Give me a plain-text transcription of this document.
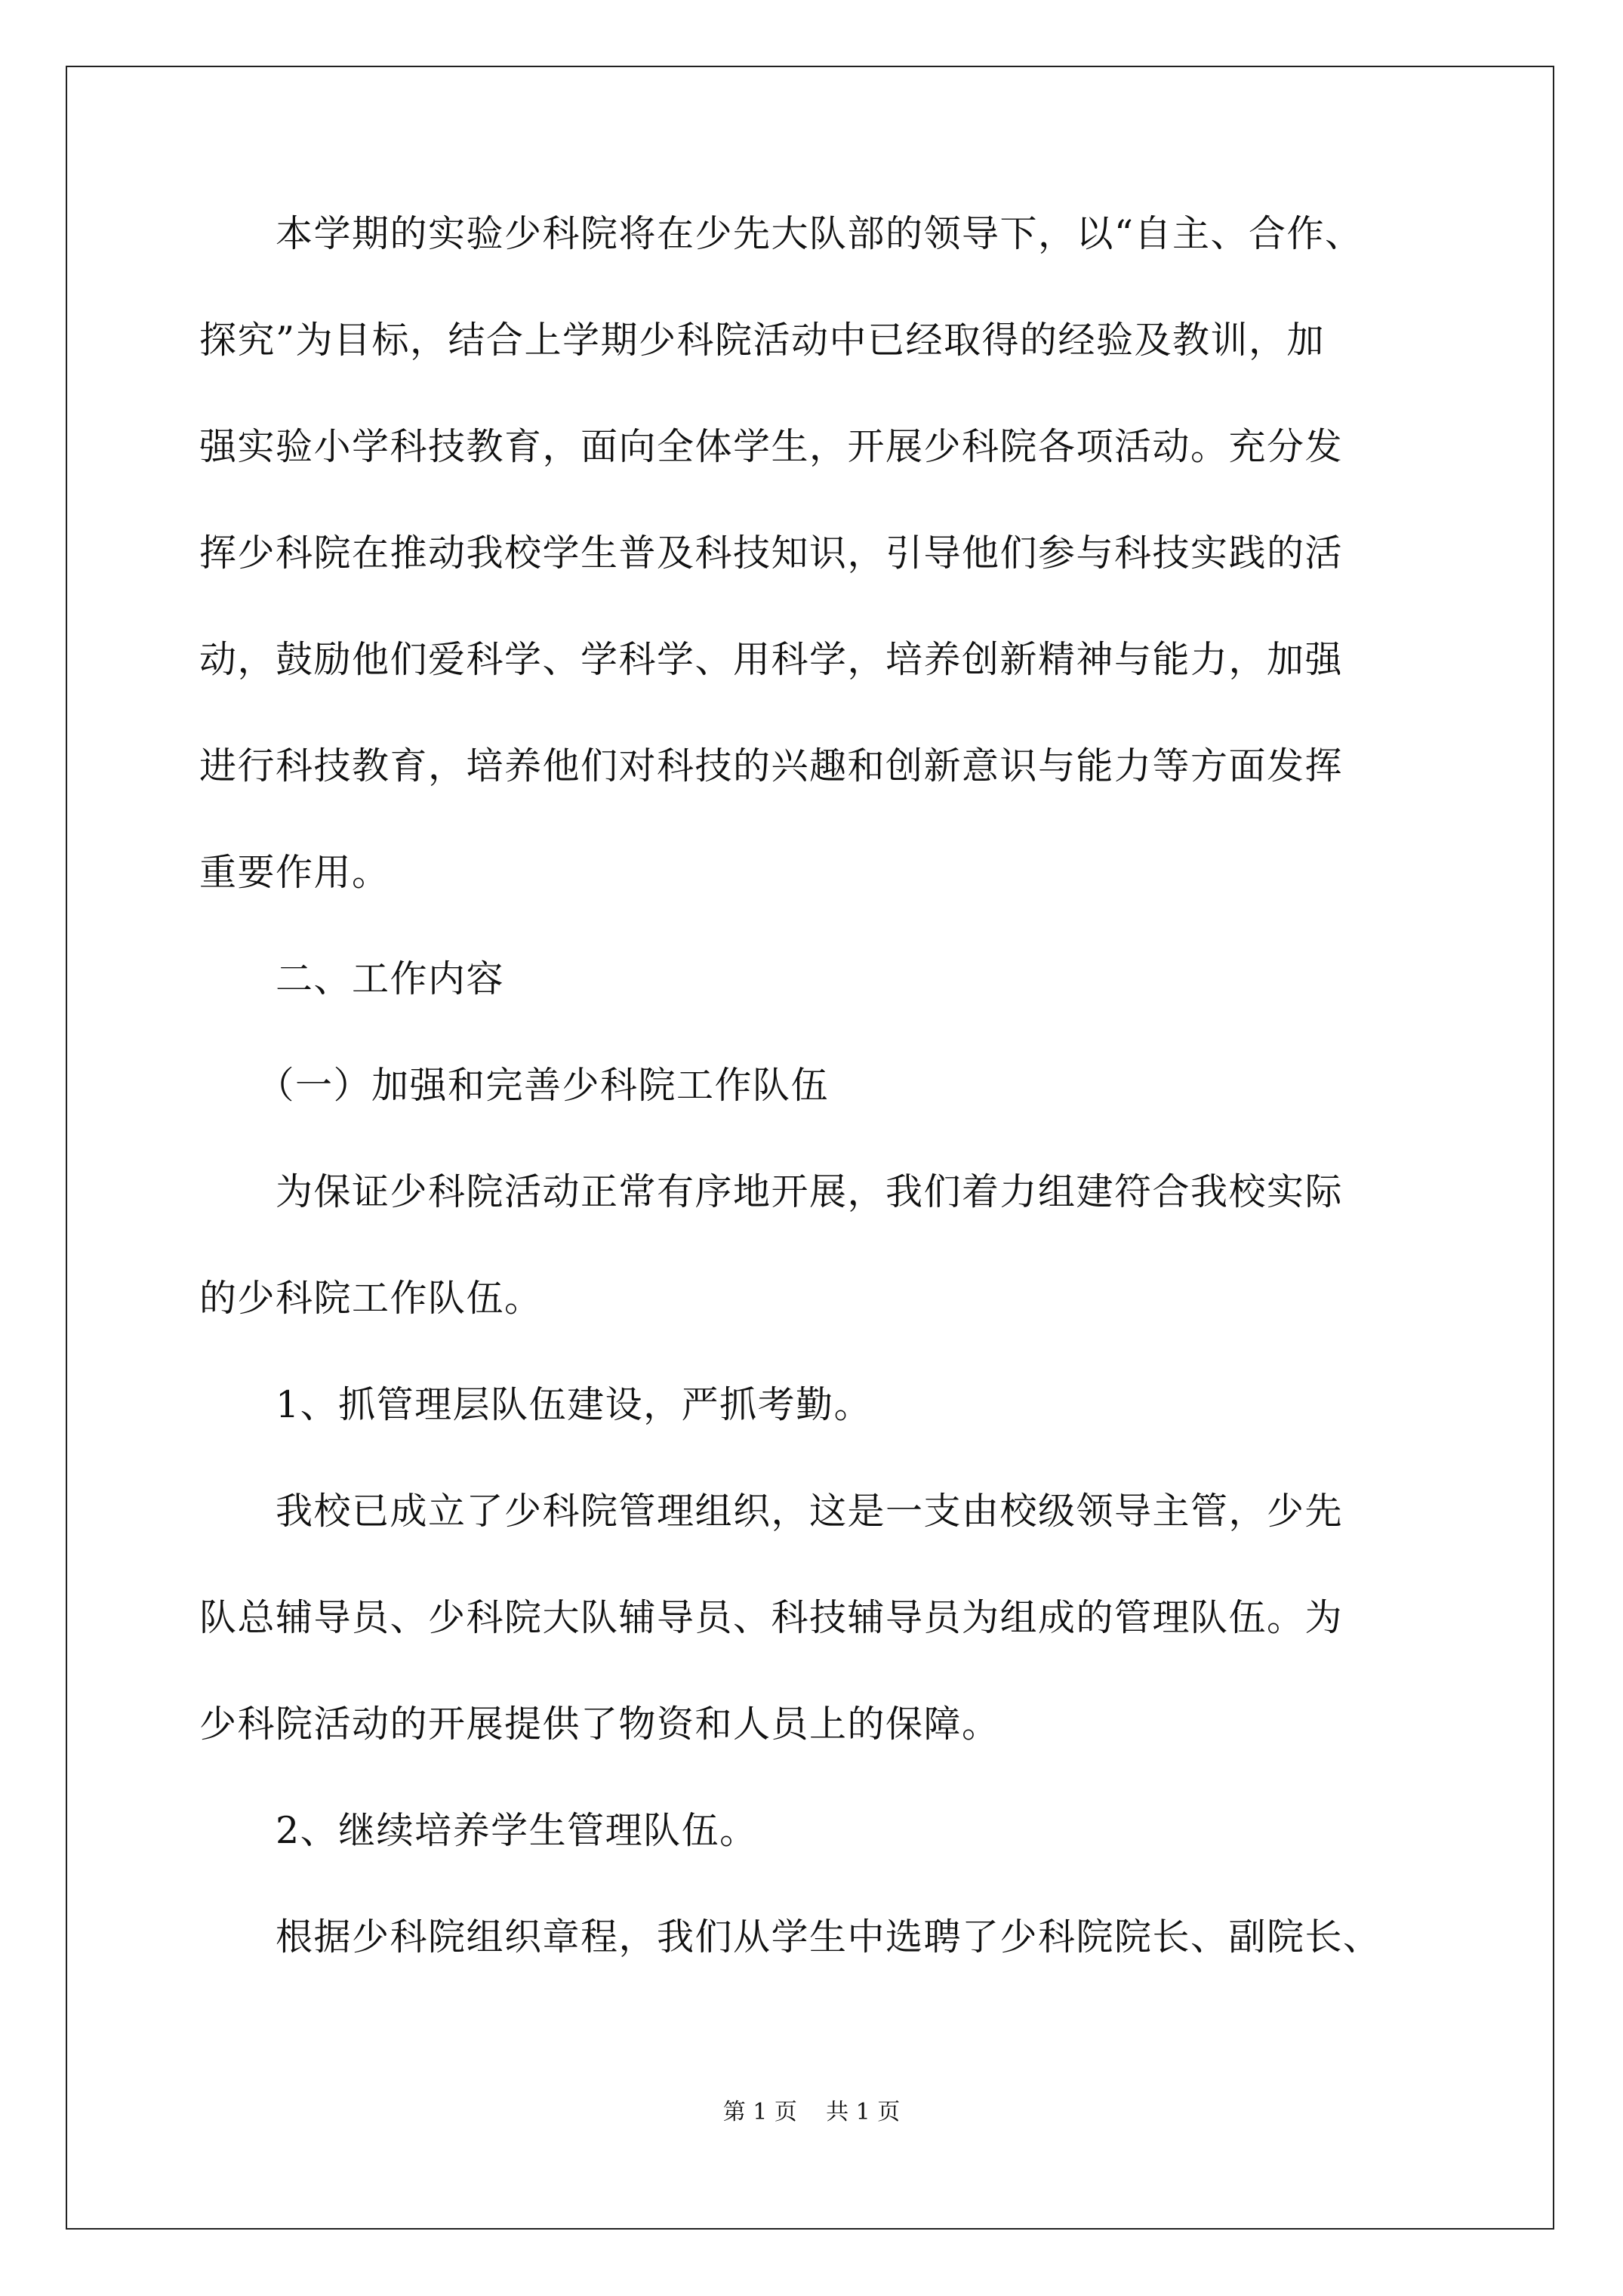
　　本学期的实验少科院将在少先大队部的领导下，以“自主、合作、
探究”为目标，结合上学期少科院活动中已经取得的经验及教训，加
强实验小学科技教育，面向全体学生，开展少科院各项活动。充分发
挥少科院在推动我校学生普及科技知识，引导他们参与科技实践的活
动，鼓励他们爱科学、学科学、用科学，培养创新精神与能力，加强
进行科技教育，培养他们对科技的兴趣和创新意识与能力等方面发挥
重要作用。
　　二、工作内容
　　（一）加强和完善少科院工作队伍
　　为保证少科院活动正常有序地开展，我们着力组建符合我校实际
的少科院工作队伍。
　　1、抓管理层队伍建设，严抓考勤。
　　我校已成立了少科院管理组织，这是一支由校级领导主管，少先
队总辅导员、少科院大队辅导员、科技辅导员为组成的管理队伍。为
少科院活动的开展提供了物资和人员上的保障。
　　2、继续培养学生管理队伍。
　　根据少科院组织章程，我们从学生中选聘了少科院院长、副院长、
第 1 页    共 1 页
